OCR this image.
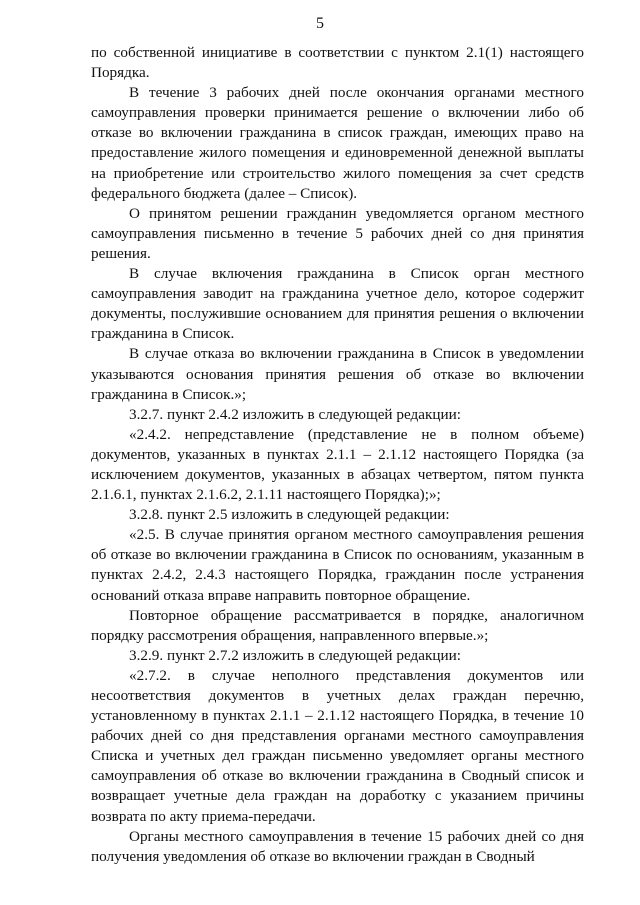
5

по собственной инициативе в соответствии с пунктом 2.1(1) настоящего Порядка.

В течение 3 рабочих дней после окончания органами местного самоуправления проверки принимается решение о включении либо об отказе во включении гражданина в список граждан, имеющих право на предоставление жилого помещения и единовременной денежной выплаты на приобретение или строительство жилого помещения за счет средств федерального бюджета (далее – Список).

О принятом решении гражданин уведомляется органом местного самоуправления письменно в течение 5 рабочих дней со дня принятия решения.

В случае включения гражданина в Список орган местного самоуправления заводит на гражданина учетное дело, которое содержит документы, послужившие основанием для принятия решения о включении гражданина в Список.

В случае отказа во включении гражданина в Список в уведомлении указываются основания принятия решения об отказе во включении гражданина в Список.»;

3.2.7. пункт 2.4.2 изложить в следующей редакции:

«2.4.2. непредставление (представление не в полном объеме) документов, указанных в пунктах 2.1.1 – 2.1.12 настоящего Порядка (за исключением документов, указанных в абзацах четвертом, пятом пункта 2.1.6.1, пунктах 2.1.6.2, 2.1.11 настоящего Порядка);»;

3.2.8. пункт 2.5 изложить в следующей редакции:

«2.5. В случае принятия органом местного самоуправления решения об отказе во включении гражданина в Список по основаниям, указанным в пунктах 2.4.2, 2.4.3 настоящего Порядка, гражданин после устранения оснований отказа вправе направить повторное обращение.

Повторное обращение рассматривается в порядке, аналогичном порядку рассмотрения обращения, направленного впервые.»;

3.2.9. пункт 2.7.2 изложить в следующей редакции:

«2.7.2. в случае неполного представления документов или несоответствия документов в учетных делах граждан перечню, установленному в пунктах 2.1.1 – 2.1.12 настоящего Порядка, в течение 10 рабочих дней со дня представления органами местного самоуправления Списка и учетных дел граждан письменно уведомляет органы местного самоуправления об отказе во включении гражданина в Сводный список и возвращает учетные дела граждан на доработку с указанием причины возврата по акту приема-передачи.

Органы местного самоуправления в течение 15 рабочих дней со дня получения уведомления об отказе во включении граждан в Сводный
